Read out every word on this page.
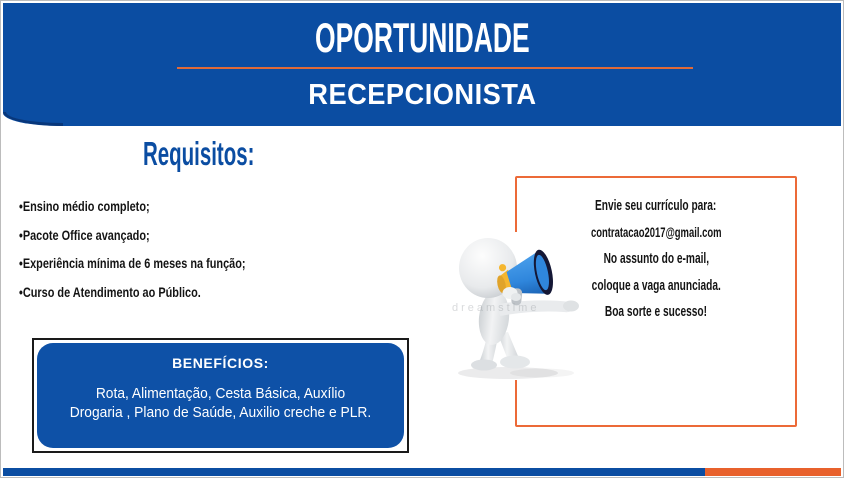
OPORTUNIDADE
RECEPCIONISTA
Requisitos:
•Ensino médio completo;
•Pacote Office avançado;
•Experiência mínima de 6 meses na função;
•Curso de Atendimento ao Público.
BENEFÍCIOS:
Rota, Alimentação, Cesta Básica, Auxílio
Drogaria , Plano de Saúde, Auxilio creche e PLR.
Envie seu currículo para:
contratacao2017@gmail.com
No assunto do e-mail,
coloque a vaga anunciada.
Boa sorte e sucesso!
dreamstime
